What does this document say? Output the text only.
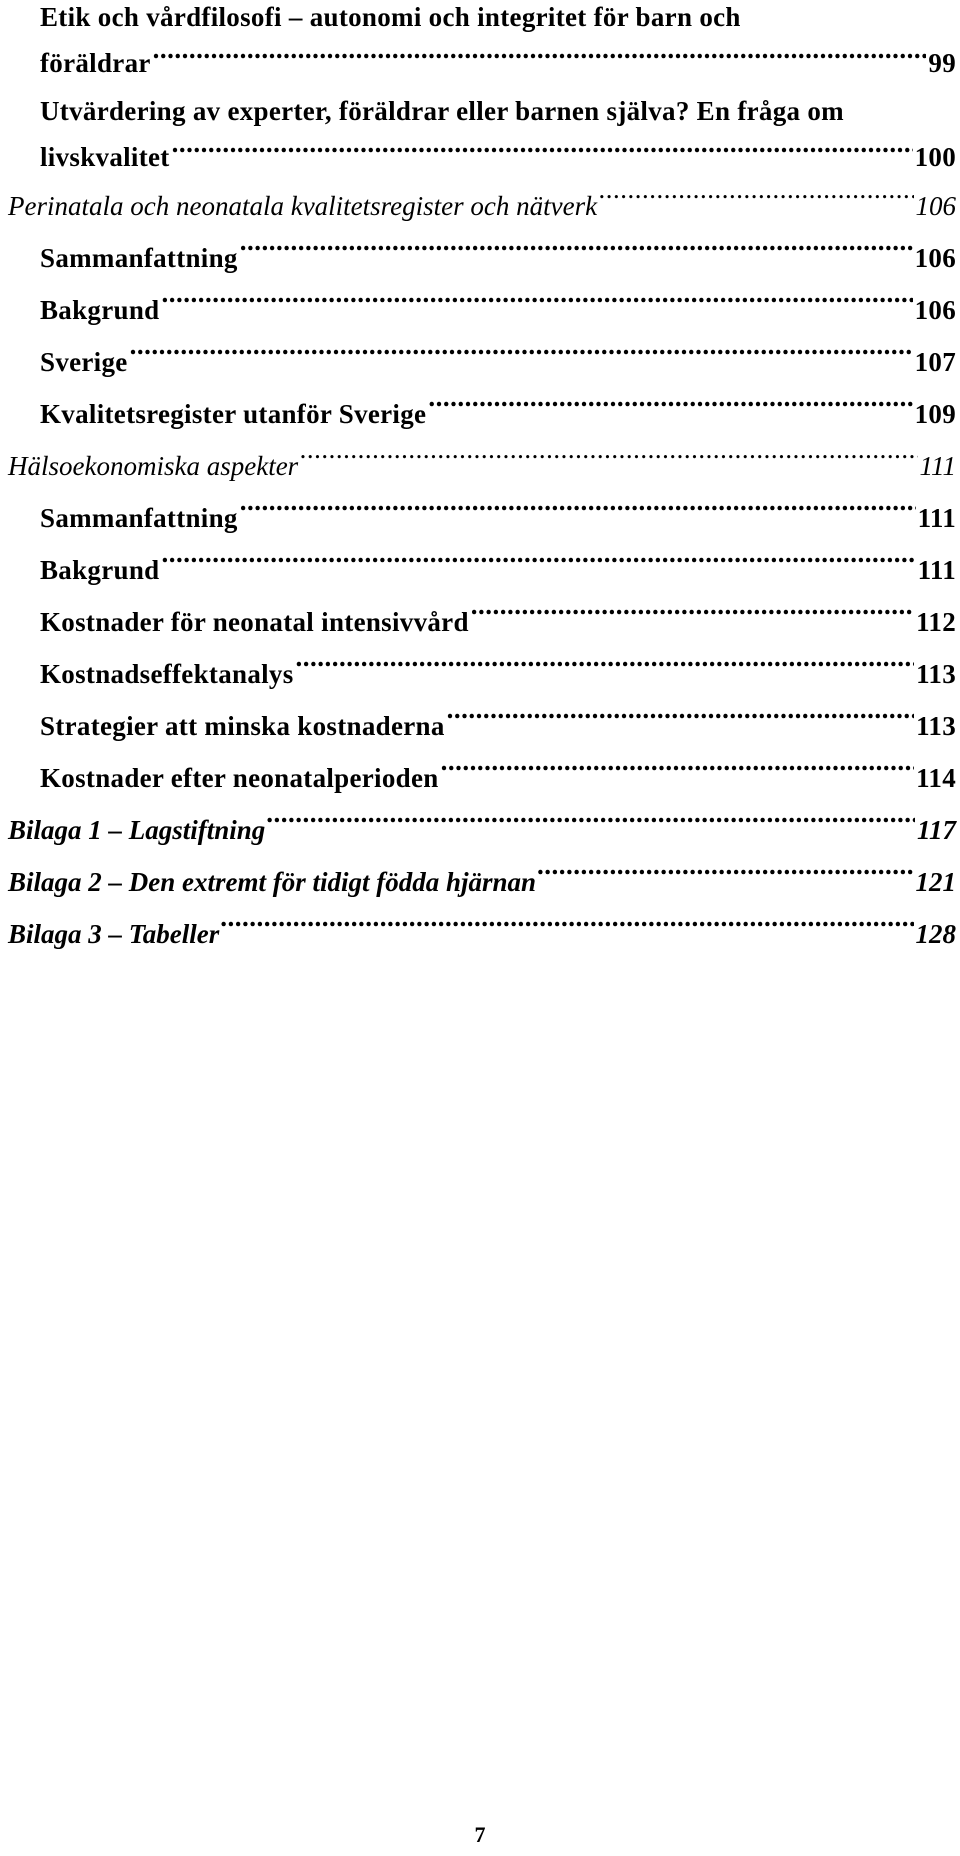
Etik och vårdfilosofi – autonomi och integritet för barn och
föräldrar .....	99
Utvärdering av experter, föräldrar eller barnen själva? En fråga om
livskvalitet .....	100
Perinatala och neonatala kvalitetsregister och nätverk .....	106
Sammanfattning .....	106
Bakgrund .....	106
Sverige .....	107
Kvalitetsregister utanför Sverige .....	109
Hälsoekonomiska aspekter .....	111
Sammanfattning .....	111
Bakgrund .....	111
Kostnader för neonatal intensivvård .....	112
Kostnadseffektanalys .....	113
Strategier att minska kostnaderna .....	113
Kostnader efter neonatalperioden .....	114
Bilaga 1 – Lagstiftning .....	117
Bilaga 2 – Den extremt för tidigt födda hjärnan .....	121
Bilaga 3 – Tabeller .....	128
7
